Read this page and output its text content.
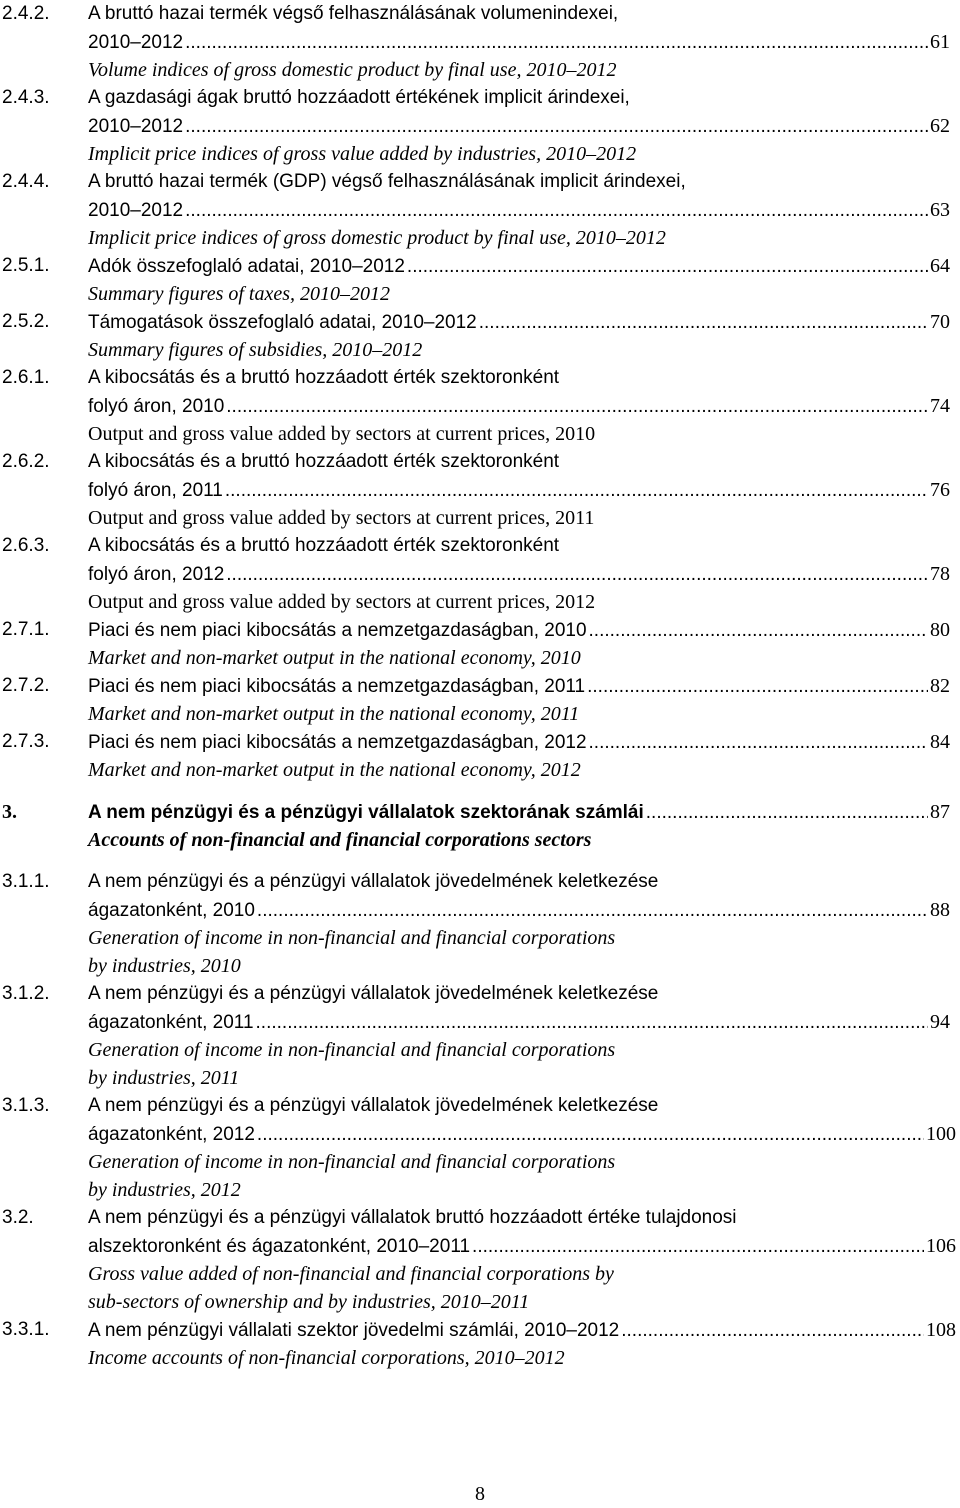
2.4.2. A bruttó hazai termék végső felhasználásának volumenindexei,
2010–2012 .....	61
Volume indices of gross domestic product by final use, 2010–2012
2.4.3. A gazdasági ágak bruttó hozzáadott értékének implicit árindexei,
2010–2012 .....	62
Implicit price indices of gross value added by industries, 2010–2012
2.4.4. A bruttó hazai termék (GDP) végső felhasználásának implicit árindexei,
2010–2012 .....	63
Implicit price indices of gross domestic product by final use, 2010–2012
2.5.1. Adók összefoglaló adatai, 2010–2012 .....	64
Summary figures of taxes, 2010–2012
2.5.2. Támogatások összefoglaló adatai, 2010–2012 .....	70
Summary figures of subsidies, 2010–2012
2.6.1. A kibocsátás és a bruttó hozzáadott érték szektoronként
folyó áron, 2010 .....	74
Output and gross value added by sectors at current prices, 2010
2.6.2. A kibocsátás és a bruttó hozzáadott érték szektoronként
folyó áron, 2011 .....	76
Output and gross value added by sectors at current prices, 2011
2.6.3. A kibocsátás és a bruttó hozzáadott érték szektoronként
folyó áron, 2012 .....	78
Output and gross value added by sectors at current prices, 2012
2.7.1. Piaci és nem piaci kibocsátás a nemzetgazdaságban, 2010 .....	80
Market and non-market output in the national economy, 2010
2.7.2. Piaci és nem piaci kibocsátás a nemzetgazdaságban, 2011 .....	82
Market and non-market output in the national economy, 2011
2.7.3. Piaci és nem piaci kibocsátás a nemzetgazdaságban, 2012 .....	84
Market and non-market output in the national economy, 2012
3.	A nem pénzügyi és a pénzügyi vállalatok szektorának számlái .....	87
Accounts of non-financial and financial corporations sectors
3.1.1. A nem pénzügyi és a pénzügyi vállalatok jövedelmének keletkezése
ágazatonként, 2010 .....	88
Generation of income in non-financial and financial corporations
by industries, 2010
3.1.2. A nem pénzügyi és a pénzügyi vállalatok jövedelmének keletkezése
ágazatonként, 2011 .....	94
Generation of income in non-financial and financial corporations
by industries, 2011
3.1.3. A nem pénzügyi és a pénzügyi vállalatok jövedelmének keletkezése
ágazatonként, 2012 .....	100
Generation of income in non-financial and financial corporations
by industries, 2012
3.2.	A nem pénzügyi és a pénzügyi vállalatok bruttó hozzáadott értéke tulajdonosi
alszektoronként és ágazatonként, 2010–2011 .....	106
Gross value added of non-financial and financial corporations by
sub-sectors of ownership and by industries, 2010–2011
3.3.1. A nem pénzügyi vállalati szektor jövedelmi számlái, 2010–2012 .....	108
Income accounts of non-financial corporations, 2010–2012
8
